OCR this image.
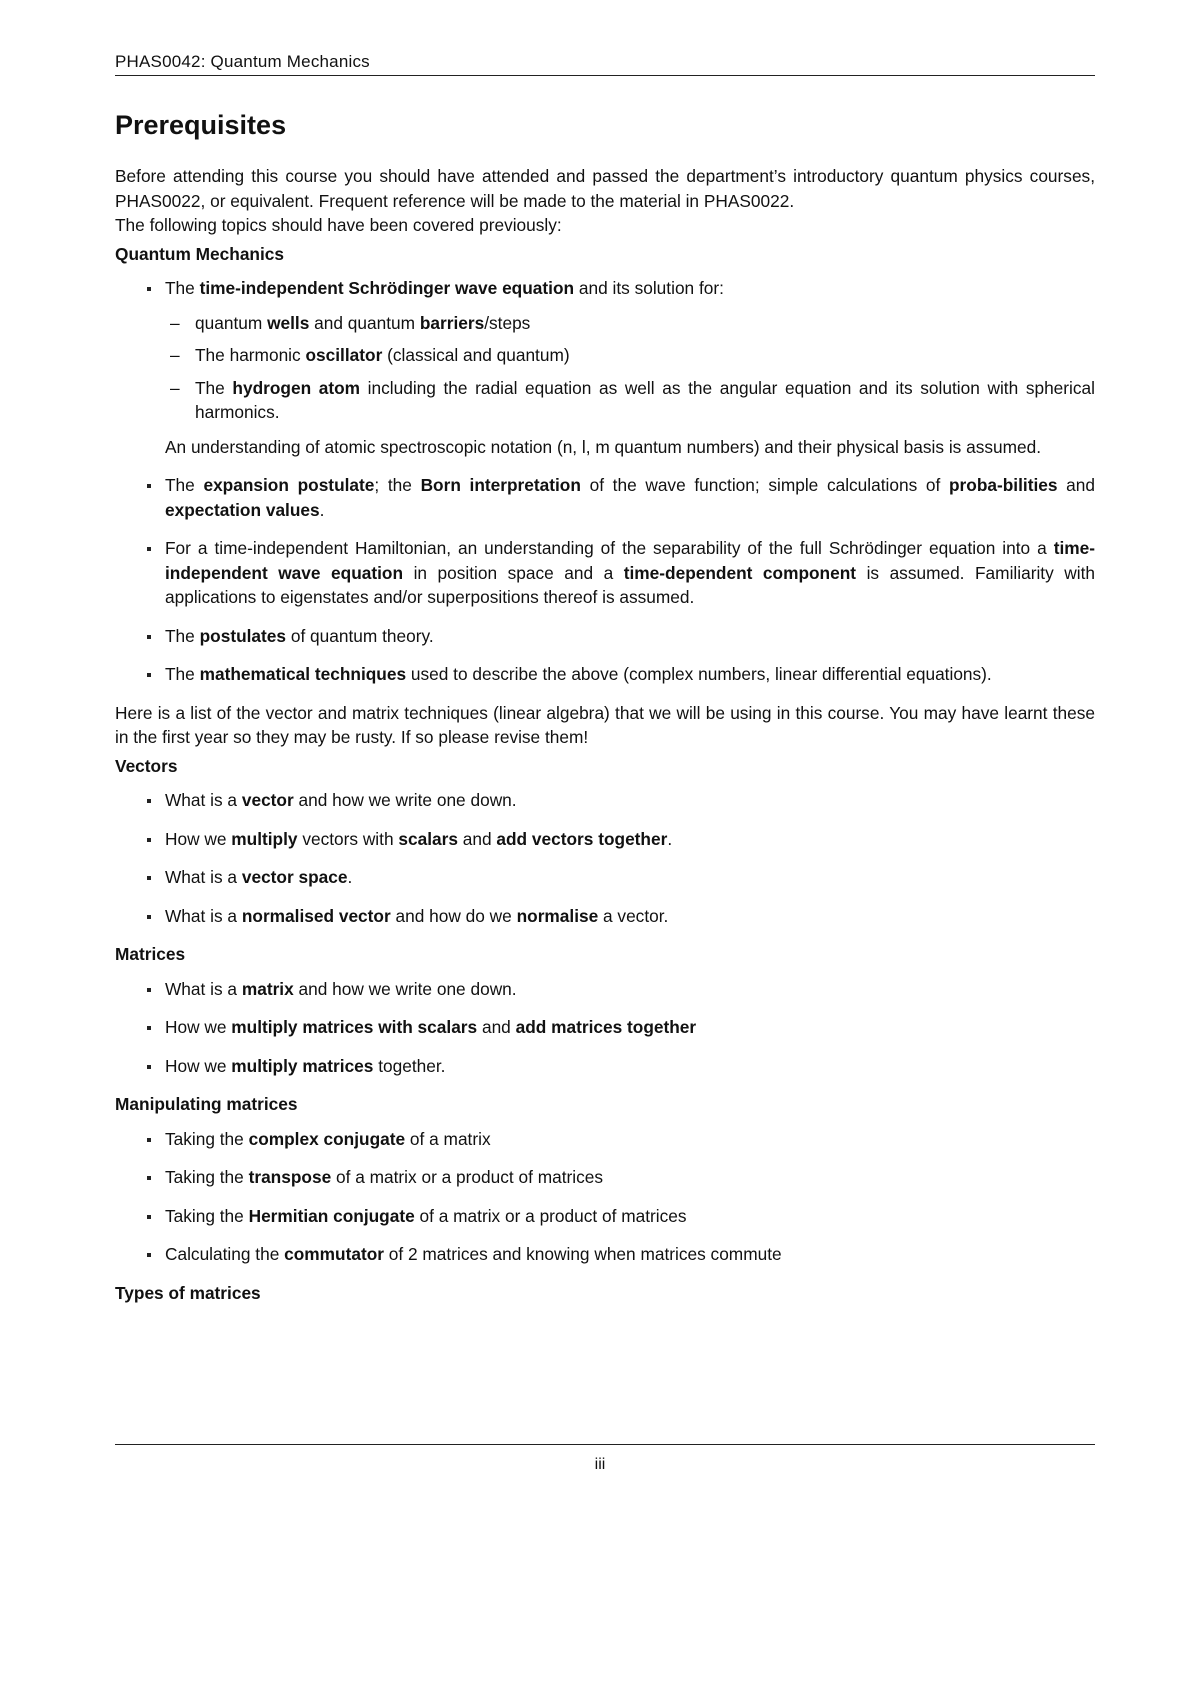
PHAS0042: Quantum Mechanics
Prerequisites

Before attending this course you should have attended and passed the department’s introductory quantum physics courses, PHAS0022, or equivalent. Frequent reference will be made to the material in PHAS0022.
The following topics should have been covered previously:

Quantum Mechanics
The time-independent Schrödinger wave equation and its solution for:
– quantum wells and quantum barriers/steps
– The harmonic oscillator (classical and quantum)
– The hydrogen atom including the radial equation as well as the angular equation and its solution with spherical harmonics.

An understanding of atomic spectroscopic notation (n, l, m quantum numbers) and their physical basis is assumed.

The expansion postulate; the Born interpretation of the wave function; simple calculations of proba-bilities and expectation values.
For a time-independent Hamiltonian, an understanding of the separability of the full Schrödinger equation into a time-independent wave equation in position space and a time-dependent component is assumed. Familiarity with applications to eigenstates and/or superpositions thereof is assumed.
The postulates of quantum theory.
The mathematical techniques used to describe the above (complex numbers, linear differential equations).

Here is a list of the vector and matrix techniques (linear algebra) that we will be using in this course. You may have learnt these in the first year so they may be rusty. If so please revise them!

Vectors
What is a vector and how we write one down.
How we multiply vectors with scalars and add vectors together.
What is a vector space.
What is a normalised vector and how do we normalise a vector.
Matrices
What is a matrix and how we write one down.
How we multiply matrices with scalars and add matrices together
How we multiply matrices together.
Manipulating matrices
Taking the complex conjugate of a matrix
Taking the transpose of a matrix or a product of matrices
Taking the Hermitian conjugate of a matrix or a product of matrices
Calculating the commutator of 2 matrices and knowing when matrices commute
Types of matrices
iii
